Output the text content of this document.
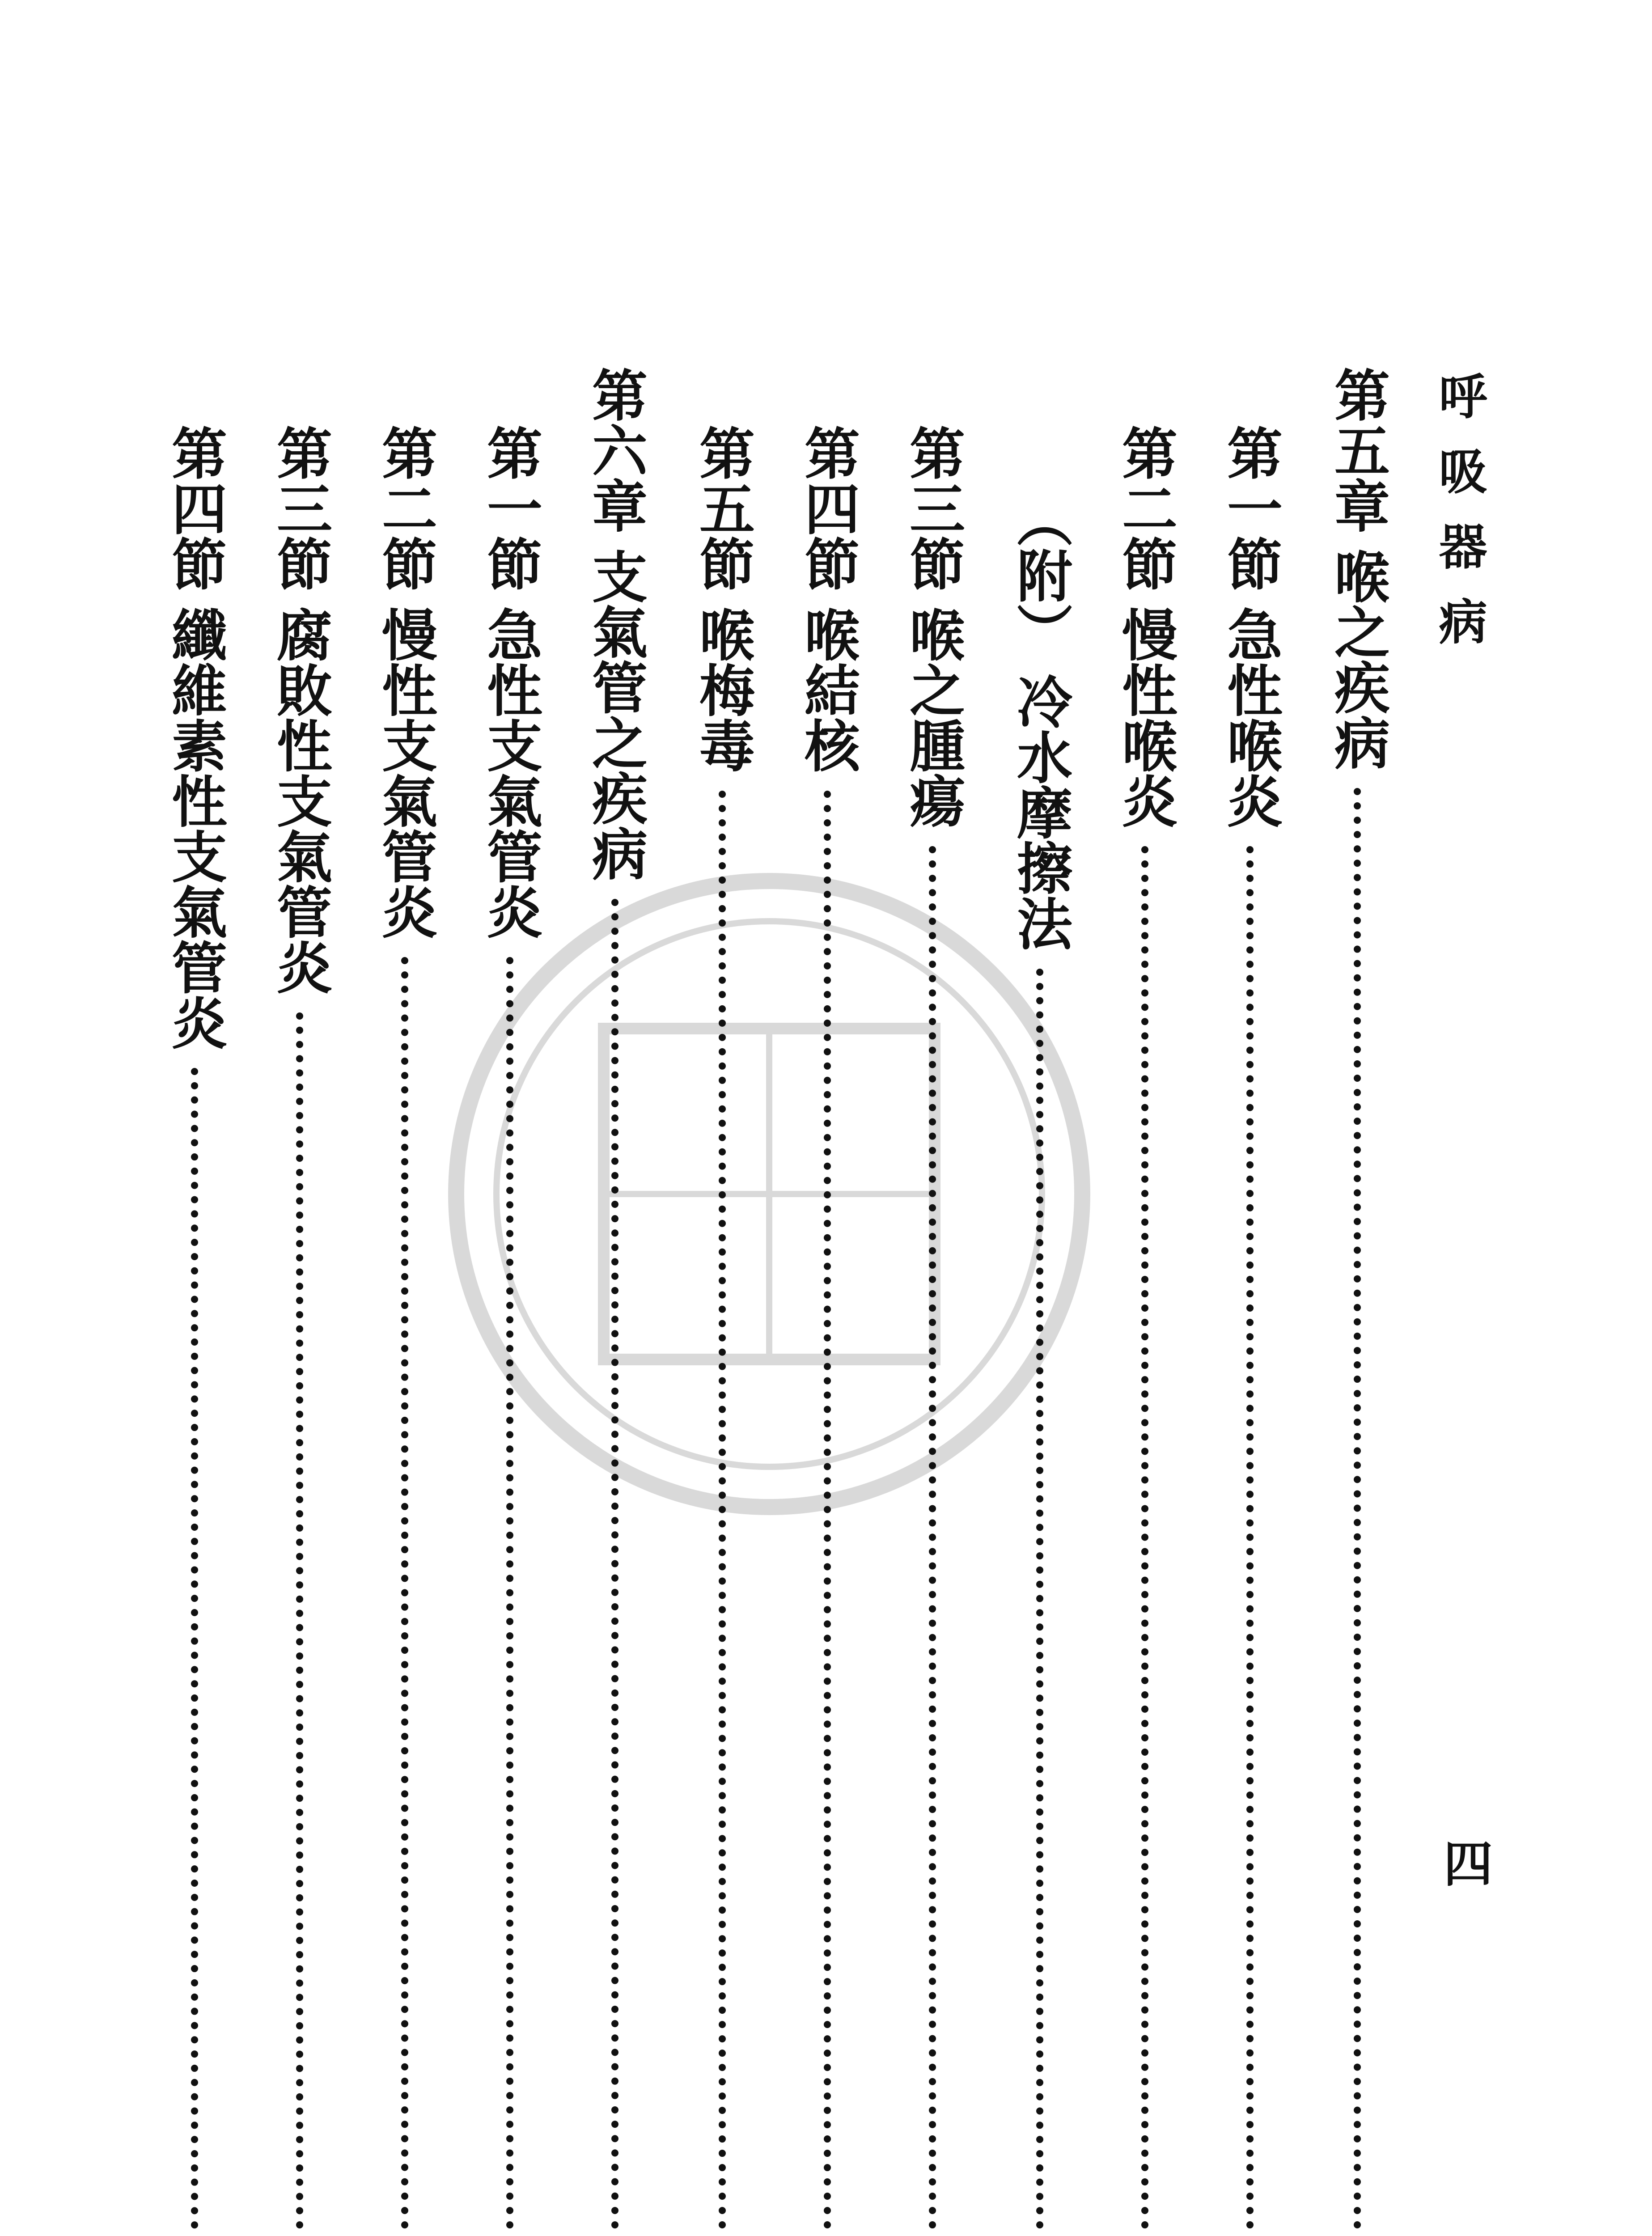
呼吸器病
四
第五章
喉之疾病
第一節
急性喉炎
第二節
慢性喉炎
（附）
冷水摩擦法
第三節
喉之腫瘍
第四節
喉結核
第五節
喉梅毒
第六章
支氣管之疾病
第一節
急性支氣管炎
第二節
慢性支氣管炎
第三節
腐敗性支氣管炎
第四節
纖維素性支氣管炎
